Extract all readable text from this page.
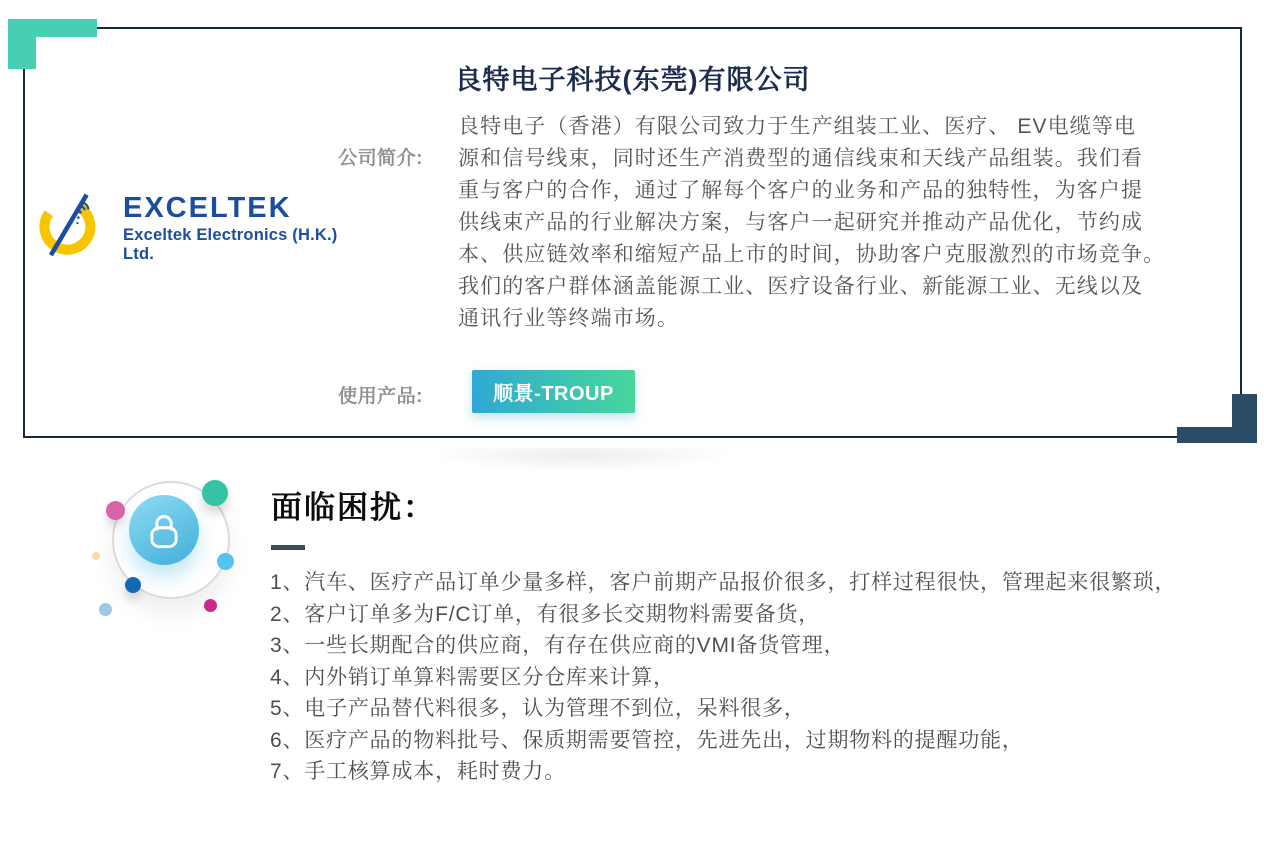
良特电子科技(东莞)有限公司
EXCELTEK
Exceltek Electronics (H.K.) Ltd.
公司简介:
良特电子（香港）有限公司致力于生产组装工业、医疗、 EV电缆等电
源和信号线束，同时还生产消费型的通信线束和天线产品组装。我们看
重与客户的合作，通过了解每个客户的业务和产品的独特性，为客户提
供线束产品的行业解决方案，与客户一起研究并推动产品优化，节约成
本、供应链效率和缩短产品上市的时间，协助客户克服激烈的市场竞争。
我们的客户群体涵盖能源工业、医疗设备行业、新能源工业、无线以及
通讯行业等终端市场。
使用产品:	顺景-TROUP
面临困扰：
1、汽车、医疗产品订单少量多样，客户前期产品报价很多，打样过程很快，管理起来很繁琐，
2、客户订单多为F/C订单，有很多长交期物料需要备货，
3、一些长期配合的供应商，有存在供应商的VMI备货管理，
4、内外销订单算料需要区分仓库来计算，
5、电子产品替代料很多，认为管理不到位，呆料很多，
6、医疗产品的物料批号、保质期需要管控，先进先出，过期物料的提醒功能，
7、手工核算成本，耗时费力。
